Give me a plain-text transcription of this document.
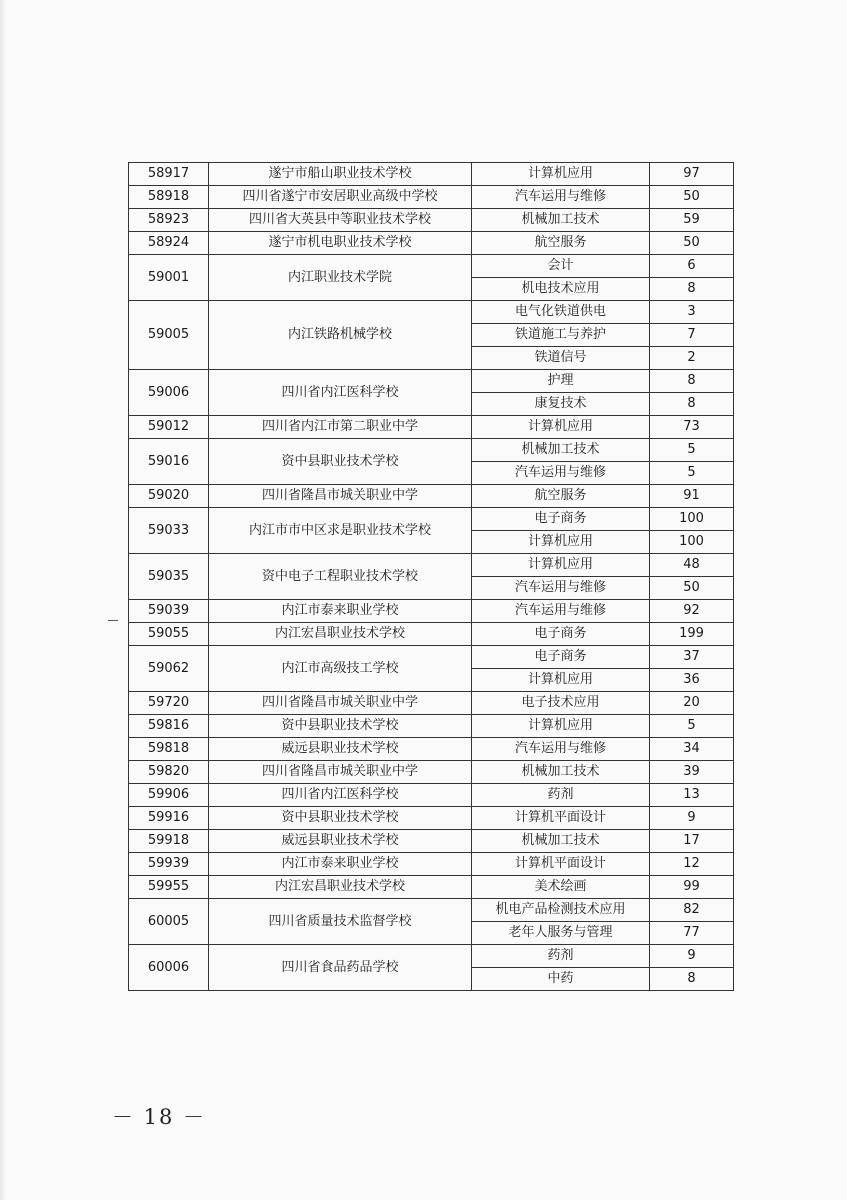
58917	遂宁市船山职业技术学校	计算机应用	97
58918	四川省遂宁市安居职业高级中学校	汽车运用与维修	50
58923	四川省大英县中等职业技术学校	机械加工技术	59
58924	遂宁市机电职业技术学校	航空服务	50
59001	内江职业技术学院	会计	6
		机电技术应用	8
59005	内江铁路机械学校	电气化铁道供电	3
		铁道施工与养护	7
		铁道信号	2
59006	四川省内江医科学校	护理	8
		康复技术	8
59012	四川省内江市第二职业中学	计算机应用	73
59016	资中县职业技术学校	机械加工技术	5
		汽车运用与维修	5
59020	四川省隆昌市城关职业中学	航空服务	91
59033	内江市市中区求是职业技术学校	电子商务	100
		计算机应用	100
59035	资中电子工程职业技术学校	计算机应用	48
		汽车运用与维修	50
59039	内江市泰来职业学校	汽车运用与维修	92
59055	内江宏昌职业技术学校	电子商务	199
59062	内江市高级技工学校	电子商务	37
		计算机应用	36
59720	四川省隆昌市城关职业中学	电子技术应用	20
59816	资中县职业技术学校	计算机应用	5
59818	威远县职业技术学校	汽车运用与维修	34
59820	四川省隆昌市城关职业中学	机械加工技术	39
59906	四川省内江医科学校	药剂	13
59916	资中县职业技术学校	计算机平面设计	9
59918	威远县职业技术学校	机械加工技术	17
59939	内江市泰来职业学校	计算机平面设计	12
59955	内江宏昌职业技术学校	美术绘画	99
60005	四川省质量技术监督学校	机电产品检测技术应用	82
		老年人服务与管理	77
60006	四川省食品药品学校	药剂	9
		中药	8
－ 18 －
